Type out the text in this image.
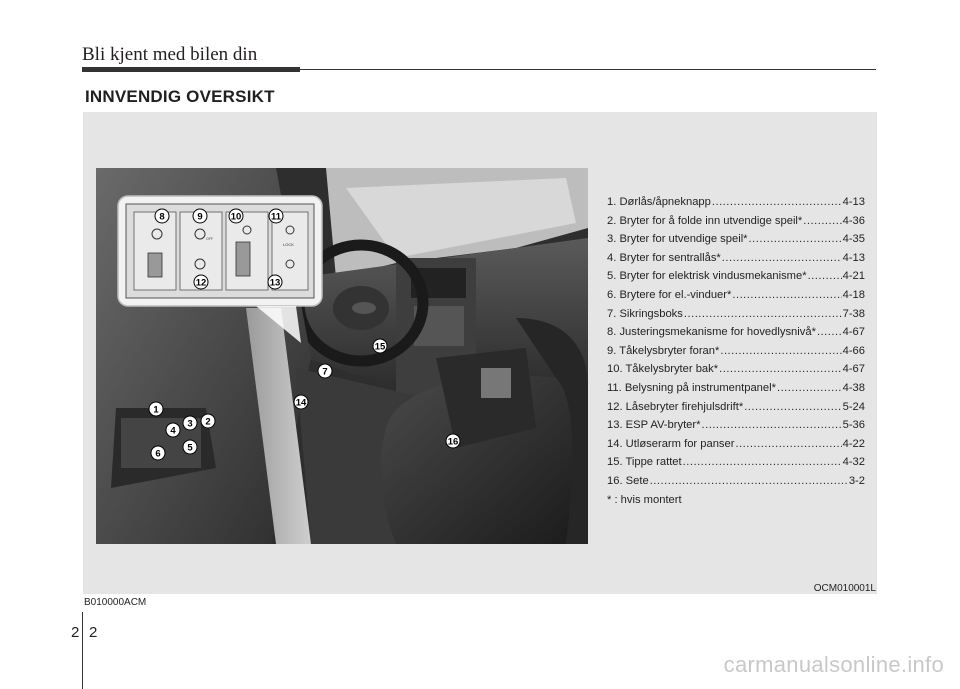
Bli kjent med bilen din
INNVENDIG OVERSIKT
LOCK
OFF
1
2
3
4
5
6
7
8	9	10	11
12	13
14
15
16
1. Dørlås/åpneknapp .....	4-13
2. Bryter for å folde inn utvendige speil* .....	4-36
3. Bryter for utvendige speil* .....	4-35
4. Bryter for sentrallås* .....	4-13
5. Bryter for elektrisk vindusmekanisme* .....	4-21
6. Brytere for el.-vinduer* .....	4-18
7. Sikringsboks .....	7-38
8. Justeringsmekanisme for hovedlysnivå* ..... 4-67
9. Tåkelysbryter foran* .....	4-66
10. Tåkelysbryter bak* .....	4-67
11. Belysning på instrumentpanel* .....	4-38
12. Låsebryter firehjulsdrift* .....	5-24
13. ESP AV-bryter* .....	5-36
14. Utløserarm for panser .....	4-22
15. Tippe rattet .....	4-32
16. Sete .....	3-2
* : hvis montert
OCM010001L
B010000ACM
2 2
carmanualsonline.info
